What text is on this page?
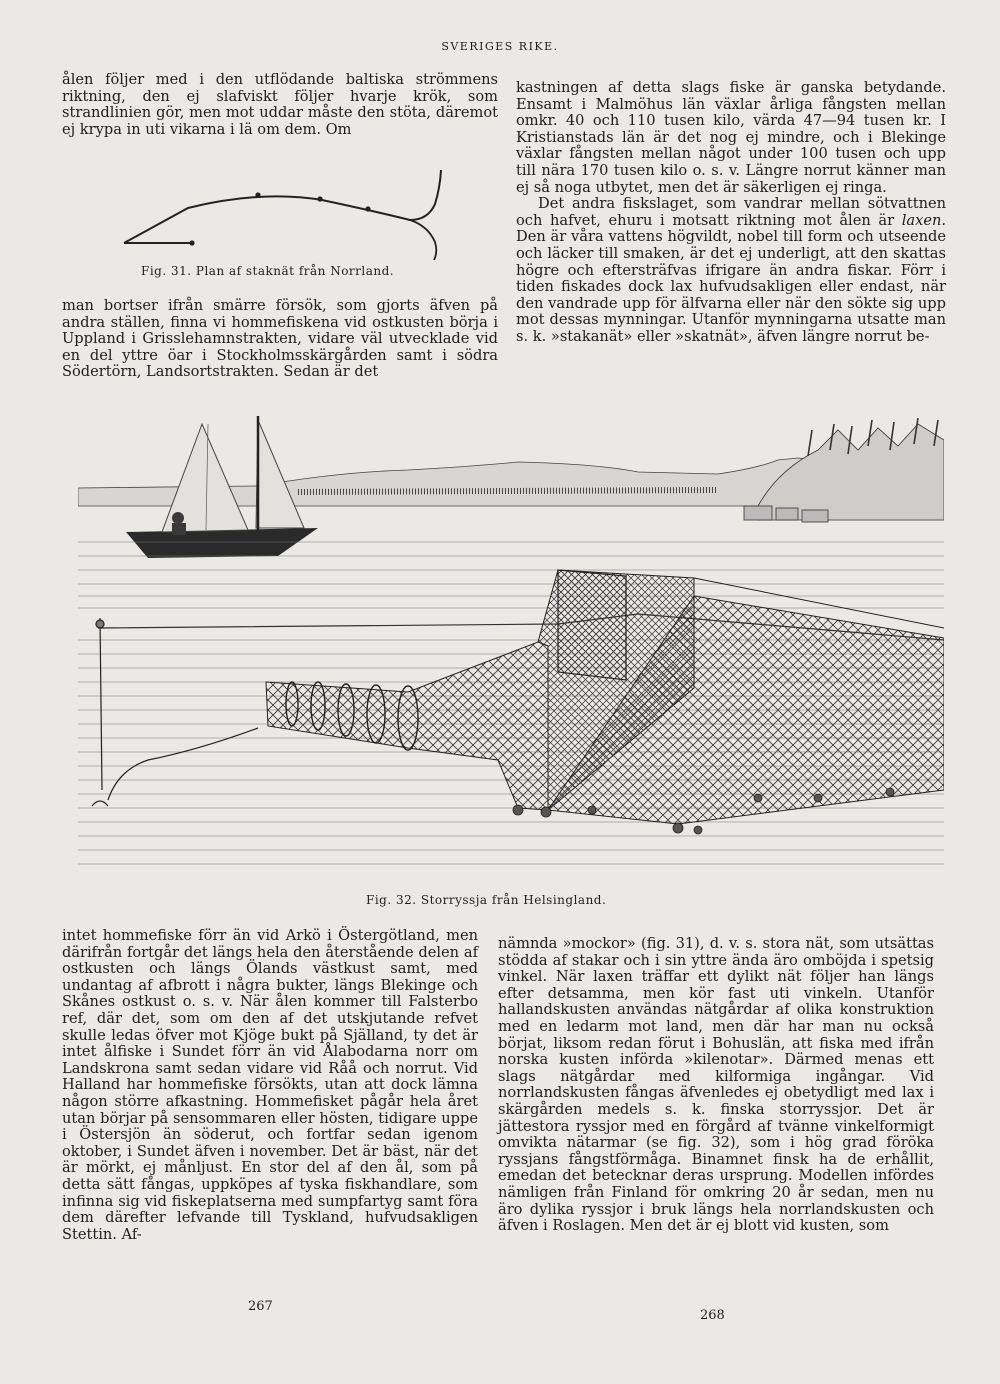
SVERIGES RIKE.

ålen följer med i den utflödande baltiska strömmens riktning, den ej slafviskt följer hvarje krök, som strandlinien gör, men mot uddar måste den stöta, däremot ej krypa in uti vikarna i lä om dem. Om

Fig. 31. Plan af staknät från Norrland.

man bortser ifrån smärre försök, som gjorts äfven på andra ställen, finna vi hommefiskena vid ostkusten börja i Uppland i Grisslehamnstrakten, vidare väl utvecklade vid en del yttre öar i Stockholmsskärgården samt i södra Södertörn, Landsortstrakten. Sedan är det

kastningen af detta slags fiske är ganska betydande. Ensamt i Malmöhus län växlar årliga fångsten mellan omkr. 40 och 110 tusen kilo, värda 47—94 tusen kr. I Kristianstads län är det nog ej mindre, och i Blekinge växlar fångsten mellan något under 100 tusen och upp till nära 170 tusen kilo o. s. v. Längre norrut känner man ej så noga utbytet, men det är säkerligen ej ringa.

Det andra fiskslaget, som vandrar mellan sötvattnen och hafvet, ehuru i motsatt riktning mot ålen är laxen. Den är våra vattens högvildt, nobel till form och utseende och läcker till smaken, är det ej underligt, att den skattas högre och eftersträfvas ifrigare än andra fiskar. Förr i tiden fiskades dock lax hufvudsakligen eller endast, när den vandrade upp för älfvarna eller när den sökte sig upp mot dessas mynningar. Utanför mynningarna utsatte man s. k. »stakanät» eller »skatnät», äfven längre norrut be-

Fig. 32. Storryssja från Helsingland.

intet hommefiske förr än vid Arkö i Östergötland, men därifrån fortgår det längs hela den återstående delen af ostkusten och längs Ölands västkust samt, med undantag af afbrott i några bukter, längs Blekinge och Skånes ostkust o. s. v. När ålen kommer till Falsterbo ref, där det, som om den af det utskjutande refvet skulle ledas öfver mot Kjöge bukt på Själland, ty det är intet ålfiske i Sundet förr än vid Ålabodarna norr om Landskrona samt sedan vidare vid Råå och norrut. Vid Halland har hommefiske försökts, utan att dock lämna någon större afkastning. Hommefisket pågår hela året utan börjar på sensommaren eller hösten, tidigare uppe i Östersjön än söderut, och fortfar sedan igenom oktober, i Sundet äfven i november. Det är bäst, när det är mörkt, ej månljust. En stor del af den ål, som på detta sätt fångas, uppköpes af tyska fiskhandlare, som infinna sig vid fiskeplatserna med sumpfartyg samt föra dem därefter lefvande till Tyskland, hufvudsakligen Stettin. Af-

nämnda »mockor» (fig. 31), d. v. s. stora nät, som utsättas stödda af stakar och i sin yttre ända äro omböjda i spetsig vinkel. När laxen träffar ett dylikt nät följer han längs efter detsamma, men kör fast uti vinkeln. Utanför hallandskusten användas nätgårdar af olika konstruktion med en ledarm mot land, men där har man nu också börjat, liksom redan förut i Bohuslän, att fiska med ifrån norska kusten införda »kilenotar». Därmed menas ett slags nätgårdar med kilformiga ingångar. Vid norrlandskusten fångas äfvenledes ej obetydligt med lax i skärgården medels s. k. finska storryssjor. Det är jättestora ryssjor med en förgård af tvänne vinkelformigt omvikta nätarmar (se fig. 32), som i hög grad föröka ryssjans fångstförmåga. Binamnet finsk ha de erhållit, emedan det betecknar deras ursprung. Modellen infördes nämligen från Finland för omkring 20 år sedan, men nu äro dylika ryssjor i bruk längs hela norrlandskusten och äfven i Roslagen. Men det är ej blott vid kusten, som

267
268
